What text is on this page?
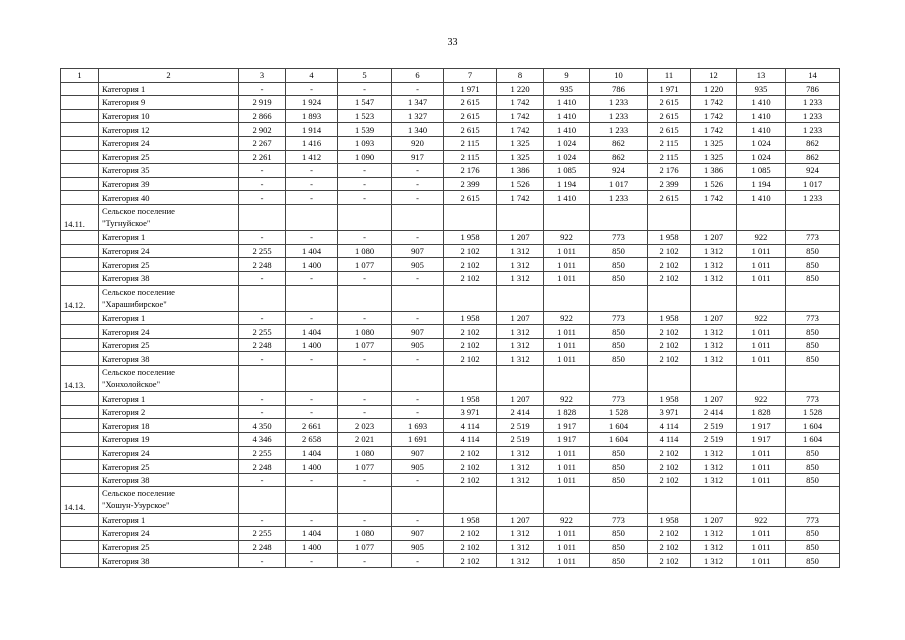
33
1	2	3	4	5	6	7	8	9	10	11	12	13	14
	Категория 1	-	-	-	-	1 971	1 220	935	786	1 971	1 220	935	786
	Категория 9	2 919	1 924	1 547	1 347	2 615	1 742	1 410	1 233	2 615	1 742	1 410	1 233
	Категория 10	2 866	1 893	1 523	1 327	2 615	1 742	1 410	1 233	2 615	1 742	1 410	1 233
	Категория 12	2 902	1 914	1 539	1 340	2 615	1 742	1 410	1 233	2 615	1 742	1 410	1 233
	Категория 24	2 267	1 416	1 093	920	2 115	1 325	1 024	862	2 115	1 325	1 024	862
	Категория 25	2 261	1 412	1 090	917	2 115	1 325	1 024	862	2 115	1 325	1 024	862
	Категория 35	-	-	-	-	2 176	1 386	1 085	924	2 176	1 386	1 085	924
	Категория 39	-	-	-	-	2 399	1 526	1 194	1 017	2 399	1 526	1 194	1 017
	Категория 40	-	-	-	-	2 615	1 742	1 410	1 233	2 615	1 742	1 410	1 233
14.11.	Сельское поселение
"Тугнуйское"												

	Категория 1	-	-	-	-	1 958	1 207	922	773	1 958	1 207	922	773
	Категория 24	2 255	1 404	1 080	907	2 102	1 312	1 011	850	2 102	1 312	1 011	850
	Категория 25	2 248	1 400	1 077	905	2 102	1 312	1 011	850	2 102	1 312	1 011	850
	Категория 38	-	-	-	-	2 102	1 312	1 011	850	2 102	1 312	1 011	850
14.12.	Сельское поселение
"Харашибирское"												

	Категория 1	-	-	-	-	1 958	1 207	922	773	1 958	1 207	922	773
	Категория 24	2 255	1 404	1 080	907	2 102	1 312	1 011	850	2 102	1 312	1 011	850
	Категория 25	2 248	1 400	1 077	905	2 102	1 312	1 011	850	2 102	1 312	1 011	850
	Категория 38	-	-	-	-	2 102	1 312	1 011	850	2 102	1 312	1 011	850
14.13.	Сельское поселение
"Хонхолойское"												

	Категория 1	-	-	-	-	1 958	1 207	922	773	1 958	1 207	922	773
	Категория 2	-	-	-	-	3 971	2 414	1 828	1 528	3 971	2 414	1 828	1 528
	Категория 18	4 350	2 661	2 023	1 693	4 114	2 519	1 917	1 604	4 114	2 519	1 917	1 604
	Категория 19	4 346	2 658	2 021	1 691	4 114	2 519	1 917	1 604	4 114	2 519	1 917	1 604
	Категория 24	2 255	1 404	1 080	907	2 102	1 312	1 011	850	2 102	1 312	1 011	850
	Категория 25	2 248	1 400	1 077	905	2 102	1 312	1 011	850	2 102	1 312	1 011	850
	Категория 38	-	-	-	-	2 102	1 312	1 011	850	2 102	1 312	1 011	850
14.14.	Сельское поселение
"Хошун-Узурское"												

	Категория 1	-	-	-	-	1 958	1 207	922	773	1 958	1 207	922	773
	Категория 24	2 255	1 404	1 080	907	2 102	1 312	1 011	850	2 102	1 312	1 011	850
	Категория 25	2 248	1 400	1 077	905	2 102	1 312	1 011	850	2 102	1 312	1 011	850
	Категория 38	-	-	-	-	2 102	1 312	1 011	850	2 102	1 312	1 011	850
